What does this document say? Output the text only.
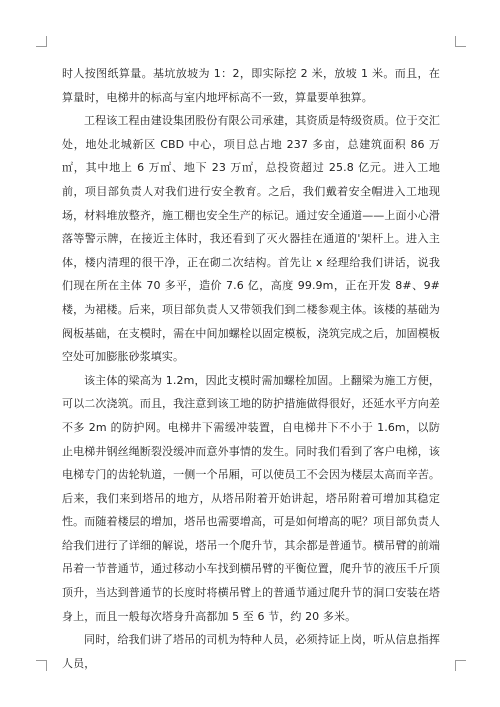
时人按图纸算量。基坑放坡为 1：2，即实际挖 2 米，放坡 1 米。而且，在算量时，电梯井的标高与室内地坪标高不一致，算量要单独算。

工程该工程由建设集团股份有限公司承建，其资质是特级资质。位于交汇处，地处北城新区 CBD 中心，项目总占地 237 多亩，总建筑面积 86 万㎡，其中地上 6 万㎡、地下 23 万㎡，总投资超过 25.8 亿元。进入工地前，项目部负责人对我们进行安全教育。之后，我们戴着安全帽进入工地现场，材料堆放整齐，施工棚也安全生产的标记。通过安全通道——上面小心滑落等警示牌，在接近主体时，我还看到了灭火器挂在通道的'架杆上。进入主体，楼内清理的很干净，正在砌二次结构。首先让 x 经理给我们讲话，说我们现在所在主体 70 多平，造价 7.6 亿，高度 99.9m，正在开发 8#、9#楼，为裙楼。后来，项目部负责人又带领我们到二楼参观主体。该楼的基础为阀板基础，在支模时，需在中间加螺栓以固定模板，浇筑完成之后，加固模板空处可加膨胀砂浆填实。

该主体的梁高为 1.2m，因此支模时需加螺栓加固。上翻梁为施工方便，可以二次浇筑。而且，我注意到该工地的防护措施做得很好，还延水平方向差不多 2m 的防护网。电梯井下需缓冲装置，自电梯井下不小于 1.6m，以防止电梯井钢丝绳断裂没缓冲而意外事情的发生。同时我们看到了客户电梯，该电梯专门的齿轮轨道，一侧一个吊厢，可以使员工不会因为楼层太高而辛苦。后来，我们来到塔吊的地方，从塔吊附着开始讲起，塔吊附着可增加其稳定性。而随着楼层的增加，塔吊也需要增高，可是如何增高的呢？项目部负责人给我们进行了详细的解说，塔吊一个爬升节，其余都是普通节。横吊臂的前端吊着一节普通节，通过移动小车找到横吊臂的平衡位置，爬升节的液压千斤顶顶升，当达到普通节的长度时将横吊臂上的普通节通过爬升节的洞口安装在塔身上，而且一般每次塔身升高都加 5 至 6 节，约 20 多米。

同时，给我们讲了塔吊的司机为特种人员，必须持证上岗，听从信息指挥人员，
